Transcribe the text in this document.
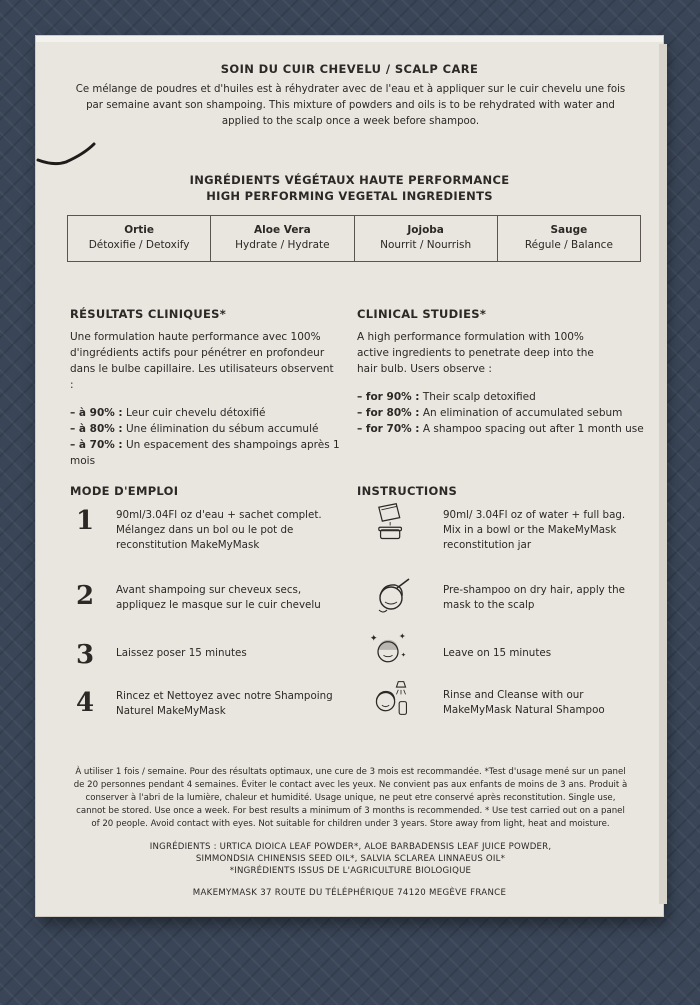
SOIN DU CUIR CHEVELU / SCALP CARE
Ce mélange de poudres et d'huiles est à réhydrater avec de l'eau et à appliquer sur le cuir chevelu une fois par semaine avant son shampoing. This mixture of powders and oils is to be rehydrated with water and applied to the scalp once a week before shampoo.
INGRÉDIENTS VÉGÉTAUX HAUTE PERFORMANCE
HIGH PERFORMING VEGETAL INGREDIENTS
Ortie
Détoxifie / Detoxify
Aloe Vera
Hydrate / Hydrate
Jojoba
Nourrit / Nourrish
Sauge
Régule / Balance
RÉSULTATS CLINIQUES*
Une formulation haute performance avec 100% d'ingrédients actifs pour pénétrer en profondeur dans le bulbe capillaire. Les utilisateurs observent :
– à 90% : Leur cuir chevelu détoxifié
– à 80% : Une élimination du sébum accumulé
– à 70% : Un espacement des shampoings après 1 mois
CLINICAL STUDIES*
A high performance formulation with 100% active ingredients to penetrate deep into the hair bulb. Users observe :
– for 90% : Their scalp detoxified
– for 80% : An elimination of accumulated sebum
– for 70% : A shampoo spacing out after 1 month use
MODE D'EMPLOI
1 90ml/3.04Fl oz d'eau + sachet complet. Mélangez dans un bol ou le pot de reconstitution MakeMyMask
2 Avant shampoing sur cheveux secs, appliquez le masque sur le cuir chevelu
3 Laissez poser 15 minutes
4 Rincez et Nettoyez avec notre Shampoing Naturel MakeMyMask
INSTRUCTIONS
90ml/ 3.04Fl oz of water + full bag. Mix in a bowl or the MakeMyMask reconstitution jar
Pre-shampoo on dry hair, apply the mask to the scalp
✦ ✦
✦	Leave on 15 minutes
Rinse and Cleanse with our MakeMyMask Natural Shampoo
À utiliser 1 fois / semaine. Pour des résultats optimaux, une cure de 3 mois est recommandée. *Test d'usage mené sur un panel de 20 personnes pendant 4 semaines. Éviter le contact avec les yeux. Ne convient pas aux enfants de moins de 3 ans. Produit à conserver à l'abri de la lumière, chaleur et humidité. Usage unique, ne peut etre conservé après reconstitution. Single use, cannot be stored. Use once a week. For best results a minimum of 3 months is recommended. * Use test carried out on a panel of 20 people. Avoid contact with eyes. Not suitable for children under 3 years. Store away from light, heat and moisture.
INGRÉDIENTS : URTICA DIOICA LEAF POWDER*, ALOE BARBADENSIS LEAF JUICE POWDER,
SIMMONDSIA CHINENSIS SEED OIL*, SALVIA SCLAREA LINNAEUS OIL*
*INGRÉDIENTS ISSUS DE L'AGRICULTURE BIOLOGIQUE
MAKEMYMASK 37 ROUTE DU TÉLÉPHÉRIQUE 74120 MEGÈVE FRANCE
